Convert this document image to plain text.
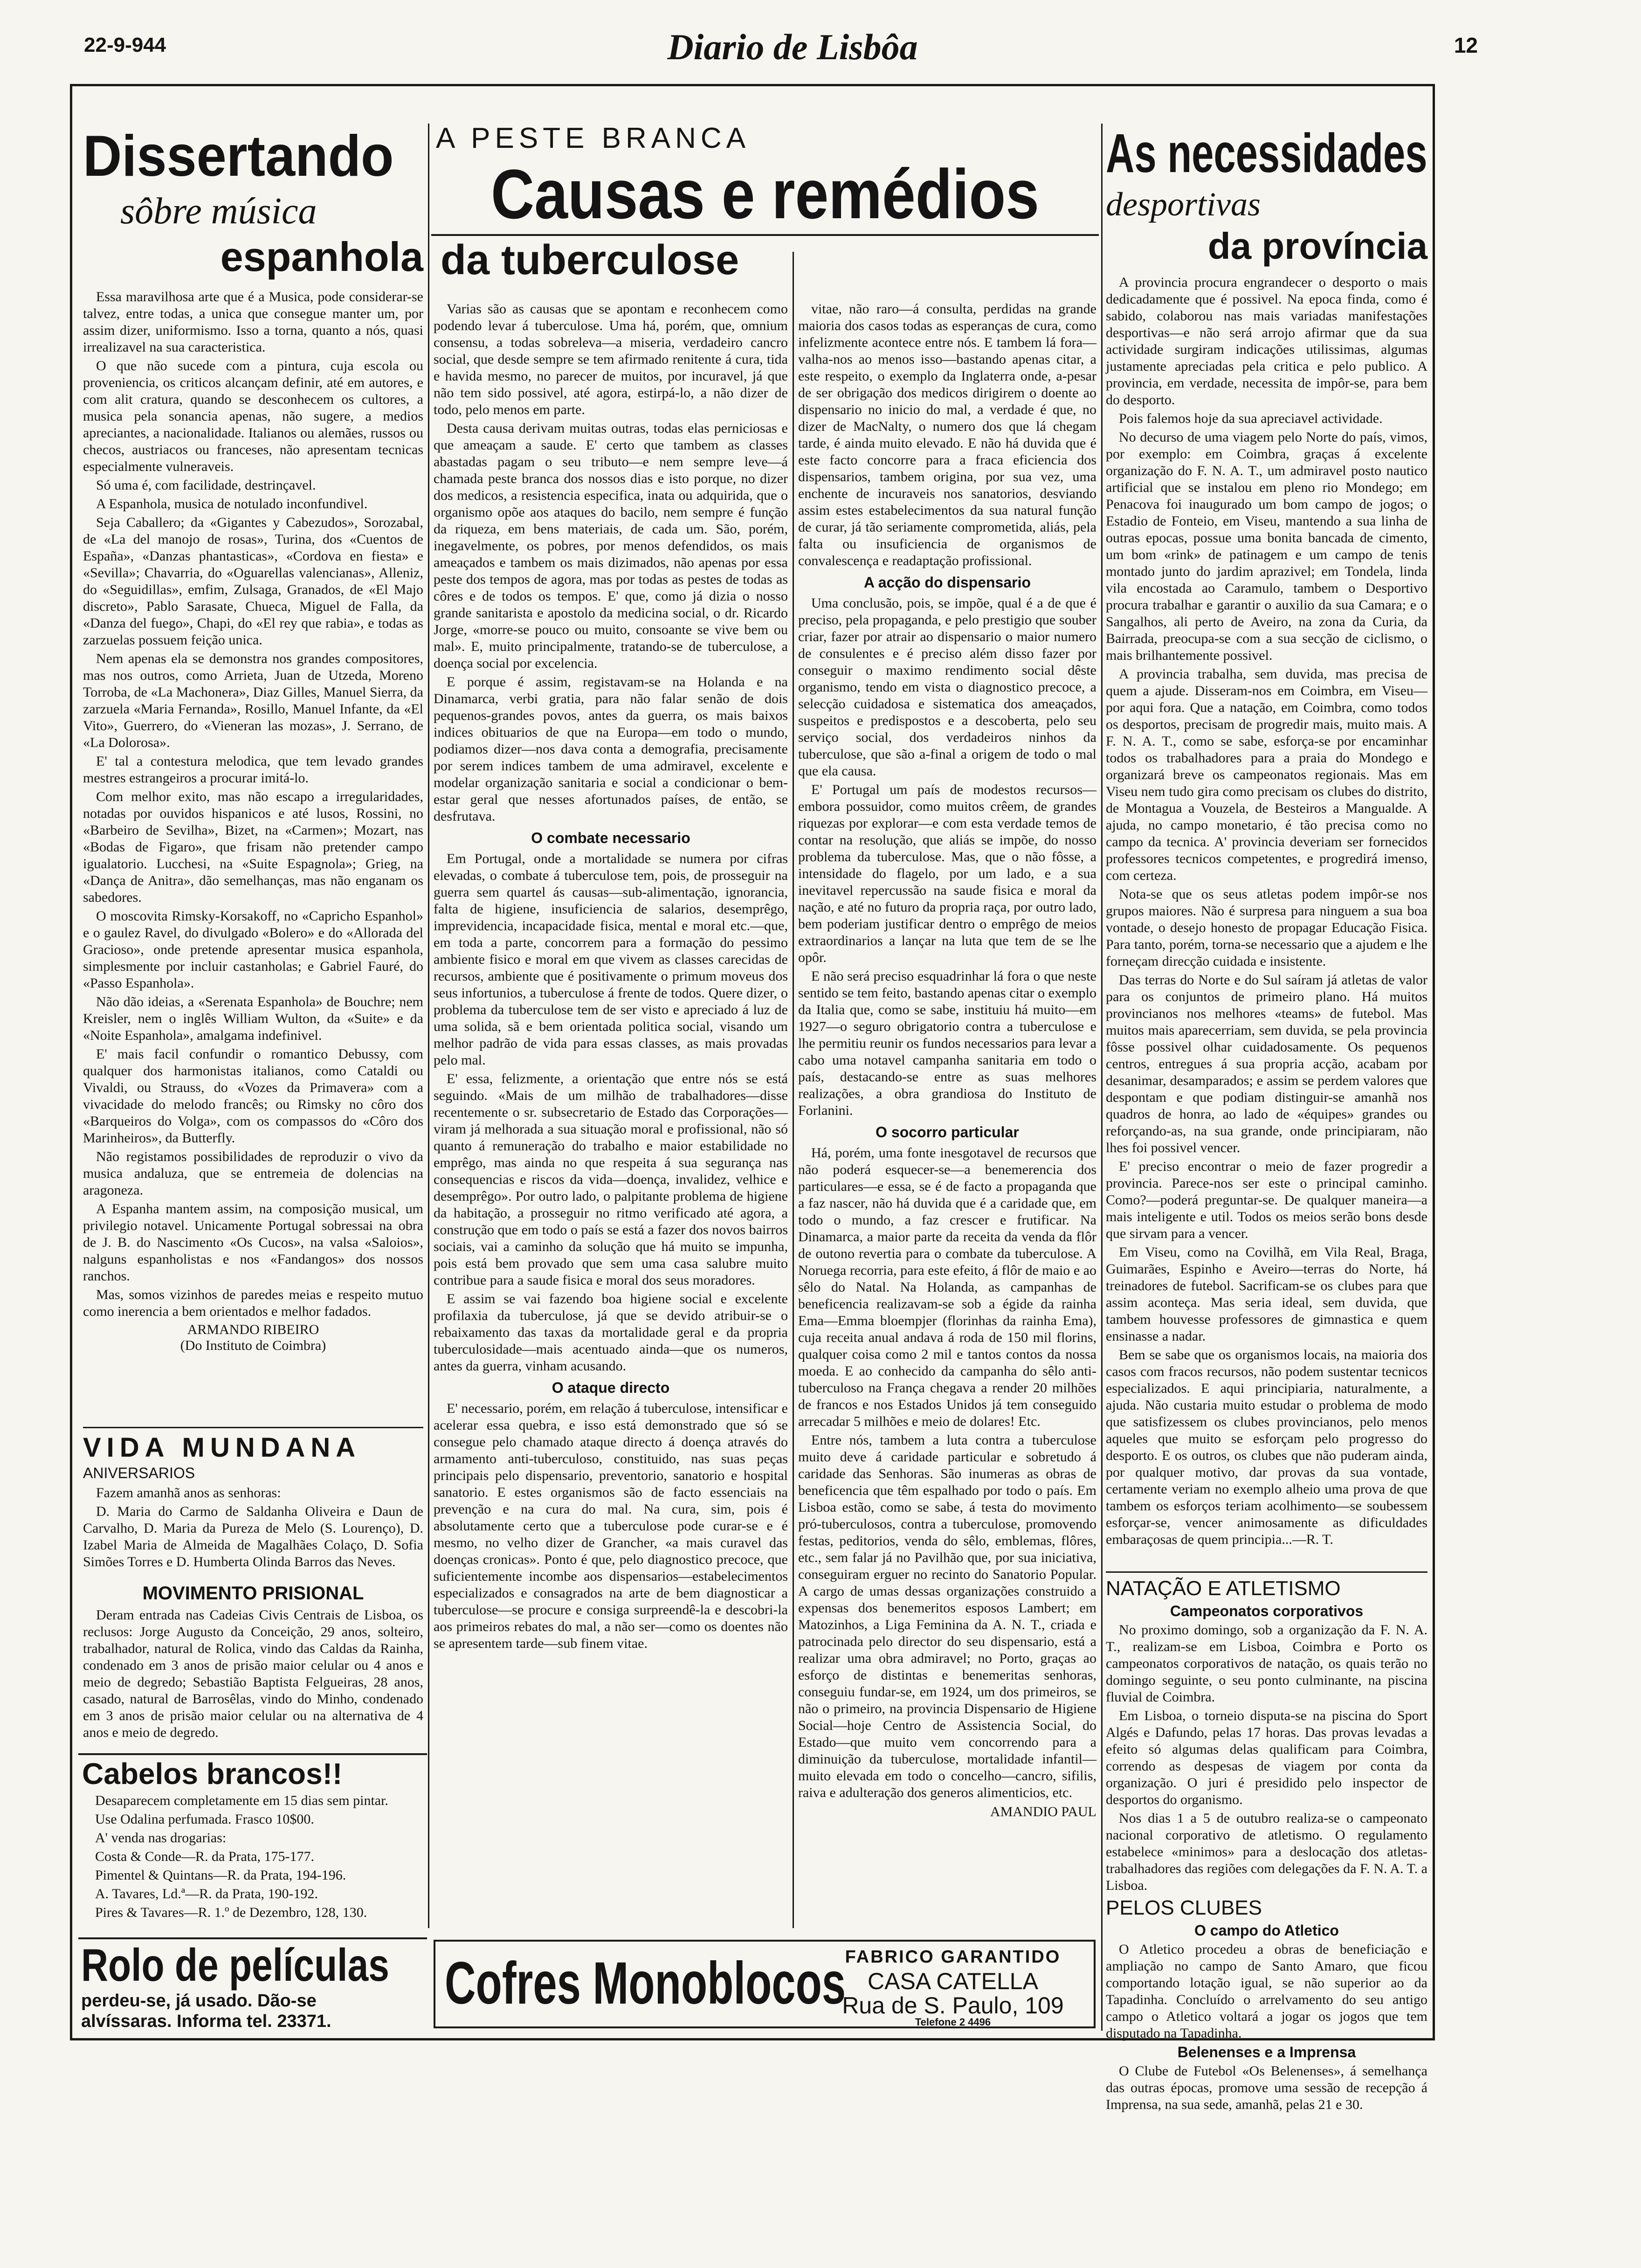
22-9-944	Diario de Lisbôa	12
Dissertando
sôbre música
espanhola

Essa maravilhosa arte que é a Musica, pode considerar-se talvez, entre todas, a unica que consegue manter um, por assim dizer, uniformismo. Isso a torna, quanto a nós, quasi irrealizavel na sua caracteristica.

O que não sucede com a pintura, cuja escola ou proveniencia, os criticos alcançam definir, até em autores, e com alit cratura, quando se desconhecem os cultores, a musica pela sonancia apenas, não sugere, a medios apreciantes, a nacionalidade. Italianos ou alemães, russos ou checos, austriacos ou franceses, não apresentam tecnicas especialmente vulneraveis.

Só uma é, com facilidade, destrinçavel.

A Espanhola, musica de notulado inconfundivel.

Seja Caballero; da «Gigantes y Cabezudos», Sorozabal, de «La del manojo de rosas», Turina, dos «Cuentos de España», «Danzas phantasticas», «Cordova en fiesta» e «Sevilla»; Chavarria, do «Oguarellas valencianas», Alleniz, do «Seguidillas», emfim, Zulsaga, Granados, de «El Majo discreto», Pablo Sarasate, Chueca, Miguel de Falla, da «Danza del fuego», Chapi, do «El rey que rabia», e todas as zarzuelas possuem feição unica.

Nem apenas ela se demonstra nos grandes compositores, mas nos outros, como Arrieta, Juan de Utzeda, Moreno Torroba, de «La Machonera», Diaz Gilles, Manuel Sierra, da zarzuela «Maria Fernanda», Rosillo, Manuel Infante, da «El Vito», Guerrero, do «Vieneran las mozas», J. Serrano, de «La Dolorosa».

E' tal a contestura melodica, que tem levado grandes mestres estrangeiros a procurar imitá-lo.

Com melhor exito, mas não escapo a irregularidades, notadas por ouvidos hispanicos e até lusos, Rossini, no «Barbeiro de Sevilha», Bizet, na «Carmen»; Mozart, nas «Bodas de Figaro», que frisam não pretender campo igualatorio. Lucchesi, na «Suite Espagnola»; Grieg, na «Dança de Anitra», dão semelhanças, mas não enganam os sabedores.

O moscovita Rimsky-Korsakoff, no «Capricho Espanhol» e o gaulez Ravel, do divulgado «Bolero» e do «Allorada del Gracioso», onde pretende apresentar musica espanhola, simplesmente por incluir castanholas; e Gabriel Fauré, do «Passo Espanhola».

Não dão ideias, a «Serenata Espanhola» de Bouchre; nem Kreisler, nem o inglês William Wulton, da «Suite» e da «Noite Espanhola», amalgama indefinivel.

E' mais facil confundir o romantico Debussy, com qualquer dos harmonistas italianos, como Cataldi ou Vivaldi, ou Strauss, do «Vozes da Primavera» com a vivacidade do melodo francês; ou Rimsky no côro dos «Barqueiros do Volga», com os compassos do «Côro dos Marinheiros», da Butterfly.

Não registamos possibilidades de reproduzir o vivo da musica andaluza, que se entremeia de dolencias na aragoneza.

A Espanha mantem assim, na composição musical, um privilegio notavel. Unicamente Portugal sobressai na obra de J. B. do Nascimento «Os Cucos», na valsa «Saloios», nalguns espanholistas e nos «Fandangos» dos nossos ranchos.

Mas, somos vizinhos de paredes meias e respeito mutuo como inerencia a bem orientados e melhor fadados.

ARMANDO RIBEIRO
(Do Instituto de Coimbra)
VIDA MUNDANA
ANIVERSARIOS

Fazem amanhã anos as senhoras:

D. Maria do Carmo de Saldanha Oliveira e Daun de Carvalho, D. Maria da Pureza de Melo (S. Lourenço), D. Izabel Maria de Almeida de Magalhães Colaço, D. Sofia Simões Torres e D. Humberta Olinda Barros das Neves.

MOVIMENTO PRISIONAL

Deram entrada nas Cadeias Civis Centrais de Lisboa, os reclusos: Jorge Augusto da Conceição, 29 anos, solteiro, trabalhador, natural de Rolica, vindo das Caldas da Rainha, condenado em 3 anos de prisão maior celular ou 4 anos e meio de degredo; Sebastião Baptista Felgueiras, 28 anos, casado, natural de Barrosêlas, vindo do Minho, condenado em 3 anos de prisão maior celular ou na alternativa de 4 anos e meio de degredo.

Cabelos brancos!!

Desaparecem completamente em 15 dias sem pintar.

Use Odalina perfumada. Frasco 10$00.

A' venda nas drogarias:

Costa & Conde—R. da Prata, 175-177.

Pimentel & Quintans—R. da Prata, 194-196.

A. Tavares, Ld.ª—R. da Prata, 190-192.

Pires & Tavares—R. 1.º de Dezembro, 128, 130.

Rolo de películas
perdeu-se, já usado. Dão-se
alvíssaras. Informa tel. 23371.
A PESTE BRANCA
Causas e remédios
da tuberculose

Varias são as causas que se apontam e reconhecem como podendo levar á tuberculose. Uma há, porém, que, omnium consensu, a todas sobreleva—a miseria, verdadeiro cancro social, que desde sempre se tem afirmado renitente á cura, tida e havida mesmo, no parecer de muitos, por incuravel, já que não tem sido possivel, até agora, estirpá-lo, a não dizer de todo, pelo menos em parte.

Desta causa derivam muitas outras, todas elas perniciosas e que ameaçam a saude. E' certo que tambem as classes abastadas pagam o seu tributo—e nem sempre leve—á chamada peste branca dos nossos dias e isto porque, no dizer dos medicos, a resistencia especifica, inata ou adquirida, que o organismo opõe aos ataques do bacilo, nem sempre é função da riqueza, em bens materiais, de cada um. São, porém, inegavelmente, os pobres, por menos defendidos, os mais ameaçados e tambem os mais dizimados, não apenas por essa peste dos tempos de agora, mas por todas as pestes de todas as côres e de todos os tempos. E' que, como já dizia o nosso grande sanitarista e apostolo da medicina social, o dr. Ricardo Jorge, «morre-se pouco ou muito, consoante se vive bem ou mal». E, muito principalmente, tratando-se de tuberculose, a doença social por excelencia.

E porque é assim, registavam-se na Holanda e na Dinamarca, verbi gratia, para não falar senão de dois pequenos-grandes povos, antes da guerra, os mais baixos indices obituarios de que na Europa—em todo o mundo, podiamos dizer—nos dava conta a demografia, precisamente por serem indices tambem de uma admiravel, excelente e modelar organização sanitaria e social a condicionar o bem-estar geral que nesses afortunados países, de então, se desfrutava.

O combate necessario

Em Portugal, onde a mortalidade se numera por cifras elevadas, o combate á tuberculose tem, pois, de prosseguir na guerra sem quartel ás causas—sub-alimentação, ignorancia, falta de higiene, insuficiencia de salarios, desemprêgo, imprevidencia, incapacidade fisica, mental e moral etc.—que, em toda a parte, concorrem para a formação do pessimo ambiente fisico e moral em que vivem as classes carecidas de recursos, ambiente que é positivamente o primum moveus dos seus infortunios, a tuberculose á frente de todos. Quere dizer, o problema da tuberculose tem de ser visto e apreciado á luz de uma solida, sã e bem orientada politica social, visando um melhor padrão de vida para essas classes, as mais provadas pelo mal.

E' essa, felizmente, a orientação que entre nós se está seguindo. «Mais de um milhão de trabalhadores—disse recentemente o sr. subsecretario de Estado das Corporações—viram já melhorada a sua situação moral e profissional, não só quanto á remuneração do trabalho e maior estabilidade no emprêgo, mas ainda no que respeita á sua segurança nas consequencias e riscos da vida—doença, invalidez, velhice e desemprêgo». Por outro lado, o palpitante problema de higiene da habitação, a prosseguir no ritmo verificado até agora, a construção que em todo o país se está a fazer dos novos bairros sociais, vai a caminho da solução que há muito se impunha, pois está bem provado que sem uma casa salubre muito contribue para a saude fisica e moral dos seus moradores.

E assim se vai fazendo boa higiene social e excelente profilaxia da tuberculose, já que se devido atribuir-se o rebaixamento das taxas da mortalidade geral e da propria tuberculosidade—mais acentuado ainda—que os numeros, antes da guerra, vinham acusando.

O ataque directo

E' necessario, porém, em relação á tuberculose, intensificar e acelerar essa quebra, e isso está demonstrado que só se consegue pelo chamado ataque directo á doença através do armamento anti-tuberculoso, constituido, nas suas peças principais pelo dispensario, preventorio, sanatorio e hospital sanatorio. E estes organismos são de facto essenciais na prevenção e na cura do mal. Na cura, sim, pois é absolutamente certo que a tuberculose pode curar-se e é mesmo, no velho dizer de Grancher, «a mais curavel das doenças cronicas». Ponto é que, pelo diagnostico precoce, que suficientemente incombe aos dispensarios—estabelecimentos especializados e consagrados na arte de bem diagnosticar a tuberculose—se procure e consiga surpreendê-la e descobri-la aos primeiros rebates do mal, a não ser—como os doentes não se apresentem tarde—sub finem vitae.

vitae, não raro—á consulta, perdidas na grande maioria dos casos todas as esperanças de cura, como infelizmente acontece entre nós. E tambem lá fora—valha-nos ao menos isso—bastando apenas citar, a este respeito, o exemplo da Inglaterra onde, a-pesar de ser obrigação dos medicos dirigirem o doente ao dispensario no inicio do mal, a verdade é que, no dizer de MacNalty, o numero dos que lá chegam tarde, é ainda muito elevado. E não há duvida que é este facto concorre para a fraca eficiencia dos dispensarios, tambem origina, por sua vez, uma enchente de incuraveis nos sanatorios, desviando assim estes estabelecimentos da sua natural função de curar, já tão seriamente comprometida, aliás, pela falta ou insuficiencia de organismos de convalescença e readaptação profissional.

A acção do dispensario

Uma conclusão, pois, se impõe, qual é a de que é preciso, pela propaganda, e pelo prestigio que souber criar, fazer por atrair ao dispensario o maior numero de consulentes e é preciso além disso fazer por conseguir o maximo rendimento social dêste organismo, tendo em vista o diagnostico precoce, a selecção cuidadosa e sistematica dos ameaçados, suspeitos e predispostos e a descoberta, pelo seu serviço social, dos verdadeiros ninhos da tuberculose, que são a-final a origem de todo o mal que ela causa.

E' Portugal um país de modestos recursos—embora possuidor, como muitos crêem, de grandes riquezas por explorar—e com esta verdade temos de contar na resolução, que aliás se impõe, do nosso problema da tuberculose. Mas, que o não fôsse, a intensidade do flagelo, por um lado, e a sua inevitavel repercussão na saude fisica e moral da nação, e até no futuro da propria raça, por outro lado, bem poderiam justificar dentro o emprêgo de meios extraordinarios a lançar na luta que tem de se lhe opôr.

E não será preciso esquadrinhar lá fora o que neste sentido se tem feito, bastando apenas citar o exemplo da Italia que, como se sabe, instituiu há muito—em 1927—o seguro obrigatorio contra a tuberculose e lhe permitiu reunir os fundos necessarios para levar a cabo uma notavel campanha sanitaria em todo o país, destacando-se entre as suas melhores realizações, a obra grandiosa do Instituto de Forlanini.

O socorro particular

Há, porém, uma fonte inesgotavel de recursos que não poderá esquecer-se—a benemerencia dos particulares—e essa, se é de facto a propaganda que a faz nascer, não há duvida que é a caridade que, em todo o mundo, a faz crescer e frutificar. Na Dinamarca, a maior parte da receita da venda da flôr de outono revertia para o combate da tuberculose. A Noruega recorria, para este efeito, á flôr de maio e ao sêlo do Natal. Na Holanda, as campanhas de beneficencia realizavam-se sob a égide da rainha Ema—Emma bloempjer (florinhas da rainha Ema), cuja receita anual andava á roda de 150 mil florins, qualquer coisa como 2 mil e tantos contos da nossa moeda. E ao conhecido da campanha do sêlo anti-tuberculoso na França chegava a render 20 milhões de francos e nos Estados Unidos já tem conseguido arrecadar 5 milhões e meio de dolares! Etc.

Entre nós, tambem a luta contra a tuberculose muito deve á caridade particular e sobretudo á caridade das Senhoras. São inumeras as obras de beneficencia que têm espalhado por todo o país. Em Lisboa estão, como se sabe, á testa do movimento pró-tuberculosos, contra a tuberculose, promovendo festas, peditorios, venda do sêlo, emblemas, flôres, etc., sem falar já no Pavilhão que, por sua iniciativa, conseguiram erguer no recinto do Sanatorio Popular. A cargo de umas dessas organizações construido a expensas dos benemeritos esposos Lambert; em Matozinhos, a Liga Feminina da A. N. T., criada e patrocinada pelo director do seu dispensario, está a realizar uma obra admiravel; no Porto, graças ao esforço de distintas e benemeritas senhoras, conseguiu fundar-se, em 1924, um dos primeiros, se não o primeiro, na provincia Dispensario de Higiene Social—hoje Centro de Assistencia Social, do Estado—que muito vem concorrendo para a diminuição da tuberculose, mortalidade infantil—muito elevada em todo o concelho—cancro, sifilis, raiva e adulteração dos generos alimenticios, etc.

AMANDIO PAUL
Cofres Monoblocos
FABRICO GARANTIDO
CASA CATELLA
Rua de S. Paulo, 109
Telefone 2 4496
As necessidades
desportivas
da província

A provincia procura engrandecer o desporto o mais dedicadamente que é possivel. Na epoca finda, como é sabido, colaborou nas mais variadas manifestações desportivas—e não será arrojo afirmar que da sua actividade surgiram indicações utilissimas, algumas justamente apreciadas pela critica e pelo publico. A provincia, em verdade, necessita de impôr-se, para bem do desporto.

Pois falemos hoje da sua apreciavel actividade.

No decurso de uma viagem pelo Norte do país, vimos, por exemplo: em Coimbra, graças á excelente organização do F. N. A. T., um admiravel posto nautico artificial que se instalou em pleno rio Mondego; em Penacova foi inaugurado um bom campo de jogos; o Estadio de Fonteio, em Viseu, mantendo a sua linha de outras epocas, possue uma bonita bancada de cimento, um bom «rink» de patinagem e um campo de tenis montado junto do jardim aprazivel; em Tondela, linda vila encostada ao Caramulo, tambem o Desportivo procura trabalhar e garantir o auxilio da sua Camara; e o Sangalhos, ali perto de Aveiro, na zona da Curia, da Bairrada, preocupa-se com a sua secção de ciclismo, o mais brilhantemente possivel.

A provincia trabalha, sem duvida, mas precisa de quem a ajude. Disseram-nos em Coimbra, em Viseu—por aqui fora. Que a natação, em Coimbra, como todos os desportos, precisam de progredir mais, muito mais. A F. N. A. T., como se sabe, esforça-se por encaminhar todos os trabalhadores para a praia do Mondego e organizará breve os campeonatos regionais. Mas em Viseu nem tudo gira como precisam os clubes do distrito, de Montagua a Vouzela, de Besteiros a Mangualde. A ajuda, no campo monetario, é tão precisa como no campo da tecnica. A' provincia deveriam ser fornecidos professores tecnicos competentes, e progredirá imenso, com certeza.

Nota-se que os seus atletas podem impôr-se nos grupos maiores. Não é surpresa para ninguem a sua boa vontade, o desejo honesto de propagar Educação Fisica. Para tanto, porém, torna-se necessario que a ajudem e lhe forneçam direcção cuidada e insistente.

Das terras do Norte e do Sul saíram já atletas de valor para os conjuntos de primeiro plano. Há muitos provincianos nos melhores «teams» de futebol. Mas muitos mais aparecerriam, sem duvida, se pela provincia fôsse possivel olhar cuidadosamente. Os pequenos centros, entregues á sua propria acção, acabam por desanimar, desamparados; e assim se perdem valores que despontam e que podiam distinguir-se amanhã nos quadros de honra, ao lado de «équipes» grandes ou reforçando-as, na sua grande, onde principiaram, não lhes foi possivel vencer.

E' preciso encontrar o meio de fazer progredir a provincia. Parece-nos ser este o principal caminho. Como?—poderá preguntar-se. De qualquer maneira—a mais inteligente e util. Todos os meios serão bons desde que sirvam para a vencer.

Em Viseu, como na Covilhã, em Vila Real, Braga, Guimarães, Espinho e Aveiro—terras do Norte, há treinadores de futebol. Sacrificam-se os clubes para que assim aconteça. Mas seria ideal, sem duvida, que tambem houvesse professores de gimnastica e quem ensinasse a nadar.

Bem se sabe que os organismos locais, na maioria dos casos com fracos recursos, não podem sustentar tecnicos especializados. E aqui principiaria, naturalmente, a ajuda. Não custaria muito estudar o problema de modo que satisfizessem os clubes provincianos, pelo menos aqueles que muito se esforçam pelo progresso do desporto. E os outros, os clubes que não puderam ainda, por qualquer motivo, dar provas da sua vontade, certamente veriam no exemplo alheio uma prova de que tambem os esforços teriam acolhimento—se soubessem esforçar-se, vencer animosamente as dificuldades embaraçosas de quem principia...—R. T.

NATAÇÃO E ATLETISMO
Campeonatos corporativos

No proximo domingo, sob a organização da F. N. A. T., realizam-se em Lisboa, Coimbra e Porto os campeonatos corporativos de natação, os quais terão no domingo seguinte, o seu ponto culminante, na piscina fluvial de Coimbra.

Em Lisboa, o torneio disputa-se na piscina do Sport Algés e Dafundo, pelas 17 horas. Das provas levadas a efeito só algumas delas qualificam para Coimbra, correndo as despesas de viagem por conta da organização. O juri é presidido pelo inspector de desportos do organismo.

Nos dias 1 a 5 de outubro realiza-se o campeonato nacional corporativo de atletismo. O regulamento estabelece «minimos» para a deslocação dos atletas-trabalhadores das regiões com delegações da F. N. A. T. a Lisboa.

PELOS CLUBES
O campo do Atletico

O Atletico procedeu a obras de beneficiação e ampliação no campo de Santo Amaro, que ficou comportando lotação igual, se não superior ao da Tapadinha. Concluído o arrelvamento do seu antigo campo o Atletico voltará a jogar os jogos que tem disputado na Tapadinha.

Belenenses e a Imprensa

O Clube de Futebol «Os Belenenses», á semelhança das outras épocas, promove uma sessão de recepção á Imprensa, na sua sede, amanhã, pelas 21 e 30.
